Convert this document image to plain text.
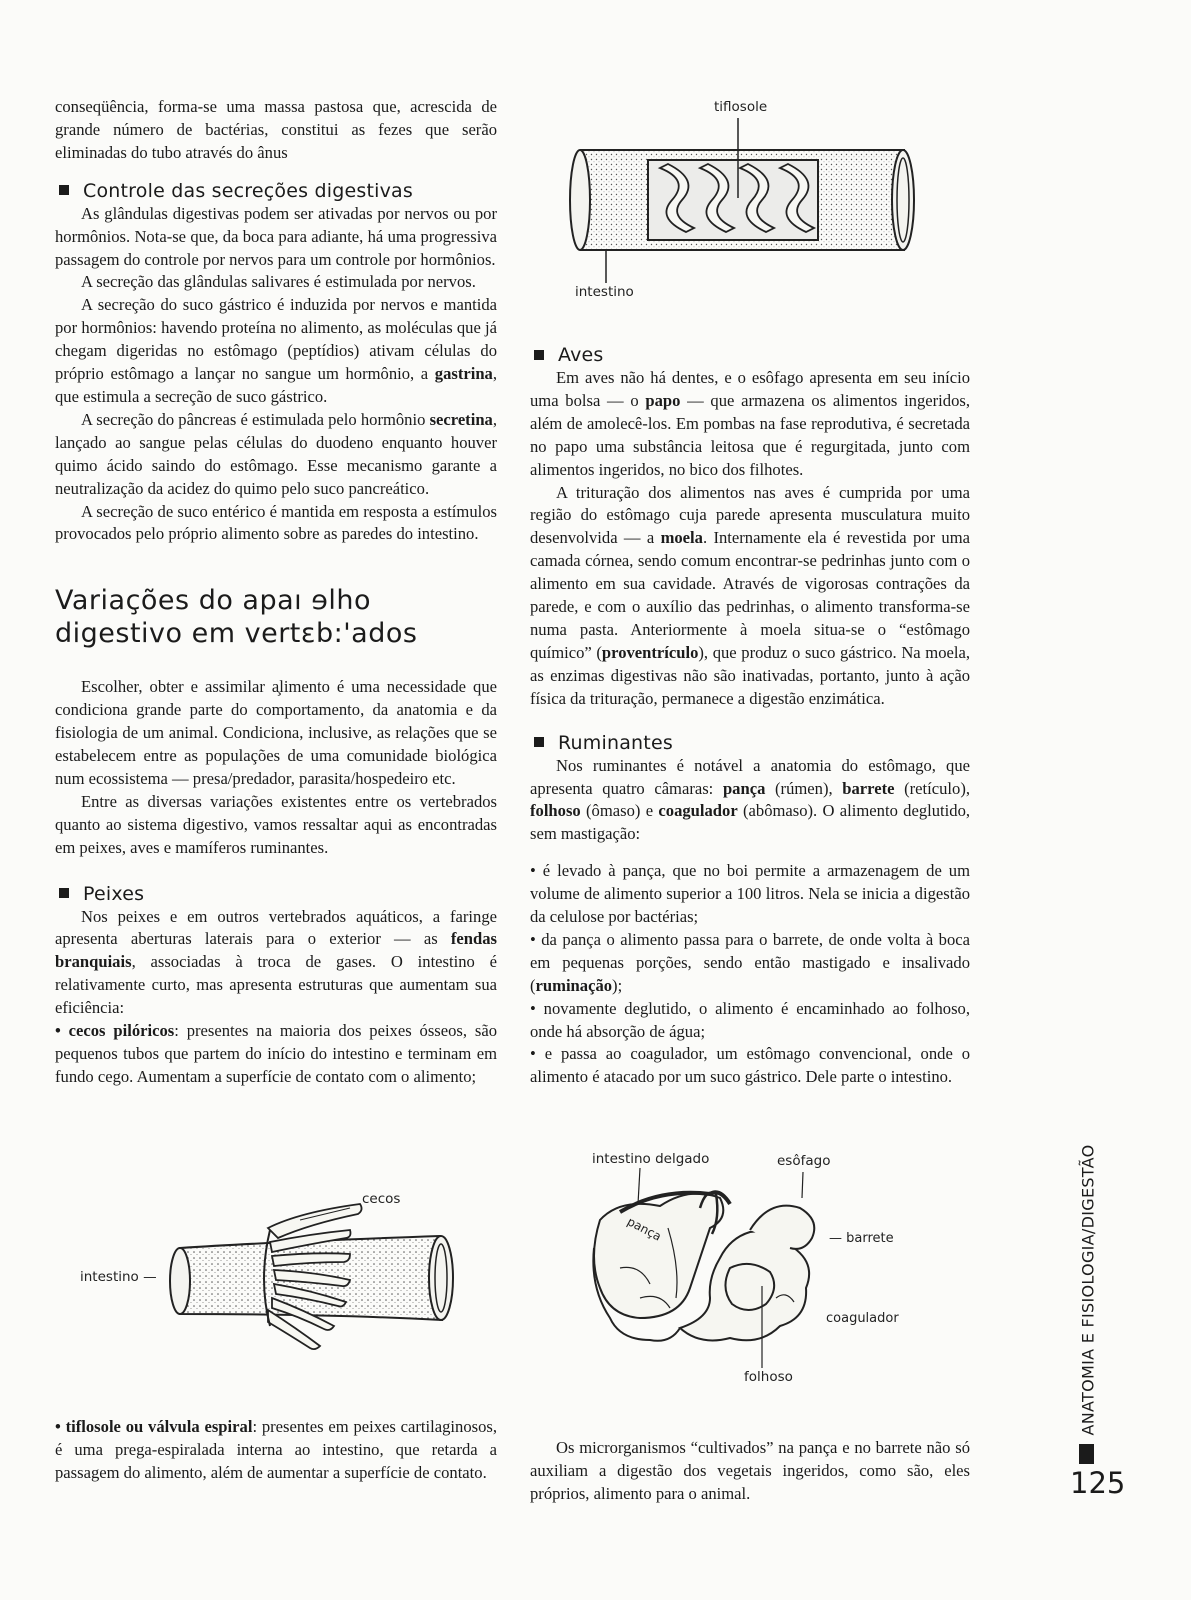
conseqüência, forma-se uma massa pastosa que, acrescida de grande número de bactérias, constitui as fezes que serão eliminadas do tubo através do ânus

Controle das secreções digestivas

As glândulas digestivas podem ser ativadas por nervos ou por hormônios. Nota-se que, da boca para adiante, há uma progressiva passagem do controle por nervos para um controle por hormônios.

A secreção das glândulas salivares é estimulada por nervos.

A secreção do suco gástrico é induzida por nervos e mantida por hormônios: havendo proteína no alimento, as moléculas que já chegam digeridas no estômago (peptídios) ativam células do próprio estômago a lançar no sangue um hormônio, a gastrina, que estimula a secreção de suco gástrico.

A secreção do pâncreas é estimulada pelo hormônio secretina, lançado ao sangue pelas células do duodeno enquanto houver quimo ácido saindo do estômago. Esse mecanismo garante a neutralização da acidez do quimo pelo suco pancreático.

A secreção de suco entérico é mantida em resposta a estímulos provocados pelo próprio alimento sobre as paredes do intestino.

Variações do apaı ɘlho
digestivo em vertɛb:'ados

Escolher, obter e assimilar a̧limento é uma necessidade que condiciona grande parte do comportamento, da anatomia e da fisiologia de um animal. Condiciona, inclusive, as relações que se estabelecem entre as populações de uma comunidade biológica num ecossistema — presa/predador, parasita/hospedeiro etc.

Entre as diversas variações existentes entre os vertebrados quanto ao sistema digestivo, vamos ressaltar aqui as encontradas em peixes, aves e mamíferos ruminantes.

Peixes

Nos peixes e em outros vertebrados aquáticos, a faringe apresenta aberturas laterais para o exterior — as fendas branquiais, associadas à troca de gases. O intestino é relativamente curto, mas apresenta estruturas que aumentam sua eficiência:

• cecos pilóricos: presentes na maioria dos peixes ósseos, são pequenos tubos que partem do início do intestino e terminam em fundo cego. Aumentam a superfície de contato com o alimento;

• tiflosole ou válvula espiral: presentes em peixes cartilaginosos, é uma prega-espiralada interna ao intestino, que retarda a passagem do alimento, além de aumentar a superfície de contato.

cecos
intestino —
tiflosole
intestino
Aves

Em aves não há dentes, e o esôfago apresenta em seu início uma bolsa — o papo — que armazena os alimentos ingeridos, além de amolecê-los. Em pombas na fase reprodutiva, é secretada no papo uma substância leitosa que é regurgitada, junto com alimentos ingeridos, no bico dos filhotes.

A trituração dos alimentos nas aves é cumprida por uma região do estômago cuja parede apresenta musculatura muito desenvolvida — a moela. Internamente ela é revestida por uma camada córnea, sendo comum encontrar-se pedrinhas junto com o alimento em sua cavidade. Através de vigorosas contrações da parede, e com o auxílio das pedrinhas, o alimento transforma-se numa pasta. Anteriormente à moela situa-se o “estômago químico” (proventrículo), que produz o suco gástrico. Na moela, as enzimas digestivas não são inativadas, portanto, junto à ação física da trituração, permanece a digestão enzimática.

Ruminantes

Nos ruminantes é notável a anatomia do estômago, que apresenta quatro câmaras: pança (rúmen), barrete (retículo), folhoso (ômaso) e coagulador (abômaso). O alimento deglutido, sem mastigação:

• é levado à pança, que no boi permite a armazenagem de um volume de alimento superior a 100 litros. Nela se inicia a digestão da celulose por bactérias;

• da pança o alimento passa para o barrete, de onde volta à boca em pequenas porções, sendo então mastigado e insalivado (ruminação);

• novamente deglutido, o alimento é encaminhado ao folhoso, onde há absorção de água;

• e passa ao coagulador, um estômago convencional, onde o alimento é atacado por um suco gástrico. Dele parte o intestino.

intestino delgado	esôfago
pança	— barrete
coagulador
folhoso

Os microrganismos “cultivados” na pança e no barrete não só auxiliam a digestão dos vegetais ingeridos, como são, eles próprios, alimento para o animal.

ANATOMIA E FISIOLOGIA/DIGESTÃO
125
